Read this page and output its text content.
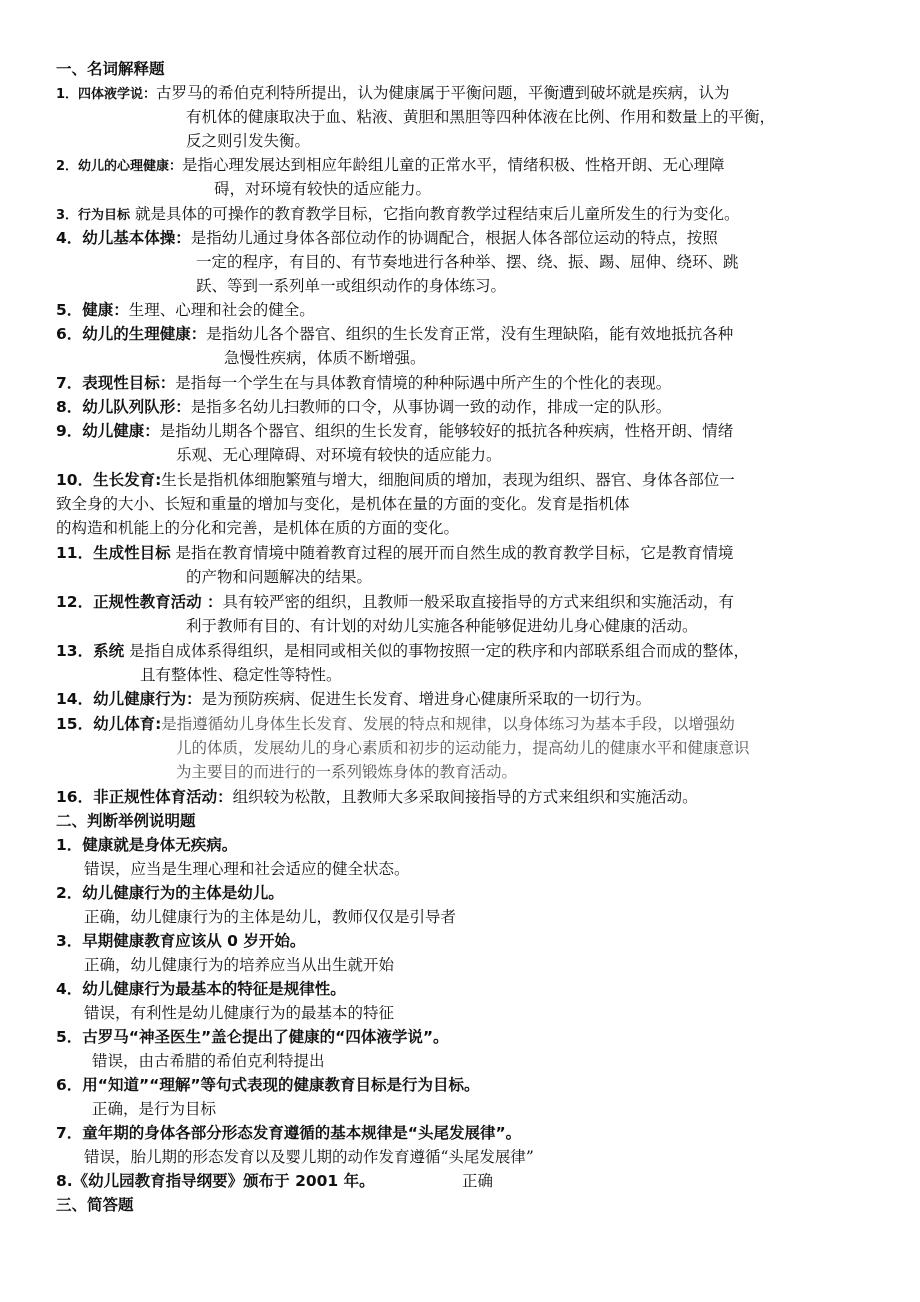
一、名词解释题
1．四体液学说：古罗马的希伯克利特所提出，认为健康属于平衡问题，平衡遭到破坏就是疾病，认为
有机体的健康取决于血、粘液、黄胆和黑胆等四种体液在比例、作用和数量上的平衡，
反之则引发失衡。
2．幼儿的心理健康：是指心理发展达到相应年龄组儿童的正常水平，情绪积极、性格开朗、无心理障
碍，对环境有较快的适应能力。
3．行为目标 就是具体的可操作的教育教学目标，它指向教育教学过程结束后儿童所发生的行为变化。
4．幼儿基本体操：是指幼儿通过身体各部位动作的协调配合，根据人体各部位运动的特点，按照
一定的程序，有目的、有节奏地进行各种举、摆、绕、振、踢、屈伸、绕环、跳
跃、等到一系列单一或组织动作的身体练习。
5．健康：生理、心理和社会的健全。
6．幼儿的生理健康：是指幼儿各个器官、组织的生长发育正常，没有生理缺陷，能有效地抵抗各种
急慢性疾病，体质不断增强。
7．表现性目标：是指每一个学生在与具体教育情境的种种际遇中所产生的个性化的表现。
8．幼儿队列队形：是指多名幼儿扫教师的口令，从事协调一致的动作，排成一定的队形。
9．幼儿健康：是指幼儿期各个器官、组织的生长发育，能够较好的抵抗各种疾病，性格开朗、情绪
乐观、无心理障碍、对环境有较快的适应能力。
10．生长发育:生长是指机体细胞繁殖与增大，细胞间质的增加，表现为组织、器官、身体各部位一
致全身的大小、长短和重量的增加与变化，是机体在量的方面的变化。发育是指机体
的构造和机能上的分化和完善，是机体在质的方面的变化。
11．生成性目标 是指在教育情境中随着教育过程的展开而自然生成的教育教学目标，它是教育情境
的产物和问题解决的结果。
12．正规性教育活动 ：具有较严密的组织，且教师一般采取直接指导的方式来组织和实施活动，有
利于教师有目的、有计划的对幼儿实施各种能够促进幼儿身心健康的活动。
13．系统 是指自成体系得组织，是相同或相关似的事物按照一定的秩序和内部联系组合而成的整体，
且有整体性、稳定性等特性。
14．幼儿健康行为：是为预防疾病、促进生长发育、增进身心健康所采取的一切行为。
15．幼儿体育:是指遵循幼儿身体生长发育、发展的特点和规律，以身体练习为基本手段，以增强幼
儿的体质，发展幼儿的身心素质和初步的运动能力，提高幼儿的健康水平和健康意识
为主要目的而进行的一系列锻炼身体的教育活动。
16．非正规性体育活动：组织较为松散，且教师大多采取间接指导的方式来组织和实施活动。
二、判断举例说明题
1．健康就是身体无疾病。
错误，应当是生理心理和社会适应的健全状态。
2．幼儿健康行为的主体是幼儿。
正确，幼儿健康行为的主体是幼儿，教师仅仅是引导者
3．早期健康教育应该从 0 岁开始。
正确，幼儿健康行为的培养应当从出生就开始
4．幼儿健康行为最基本的特征是规律性。
错误，有利性是幼儿健康行为的最基本的特征
5．古罗马“神圣医生”盖仑提出了健康的“四体液学说”。
错误，由古希腊的希伯克利特提出
6．用“知道”“理解”等句式表现的健康教育目标是行为目标。
正确，是行为目标
7．童年期的身体各部分形态发育遵循的基本规律是“头尾发展律”。
错误，胎儿期的形态发育以及婴儿期的动作发育遵循“头尾发展律”
8.《幼儿园教育指导纲要》颁布于 2001 年。	正确
三、简答题
